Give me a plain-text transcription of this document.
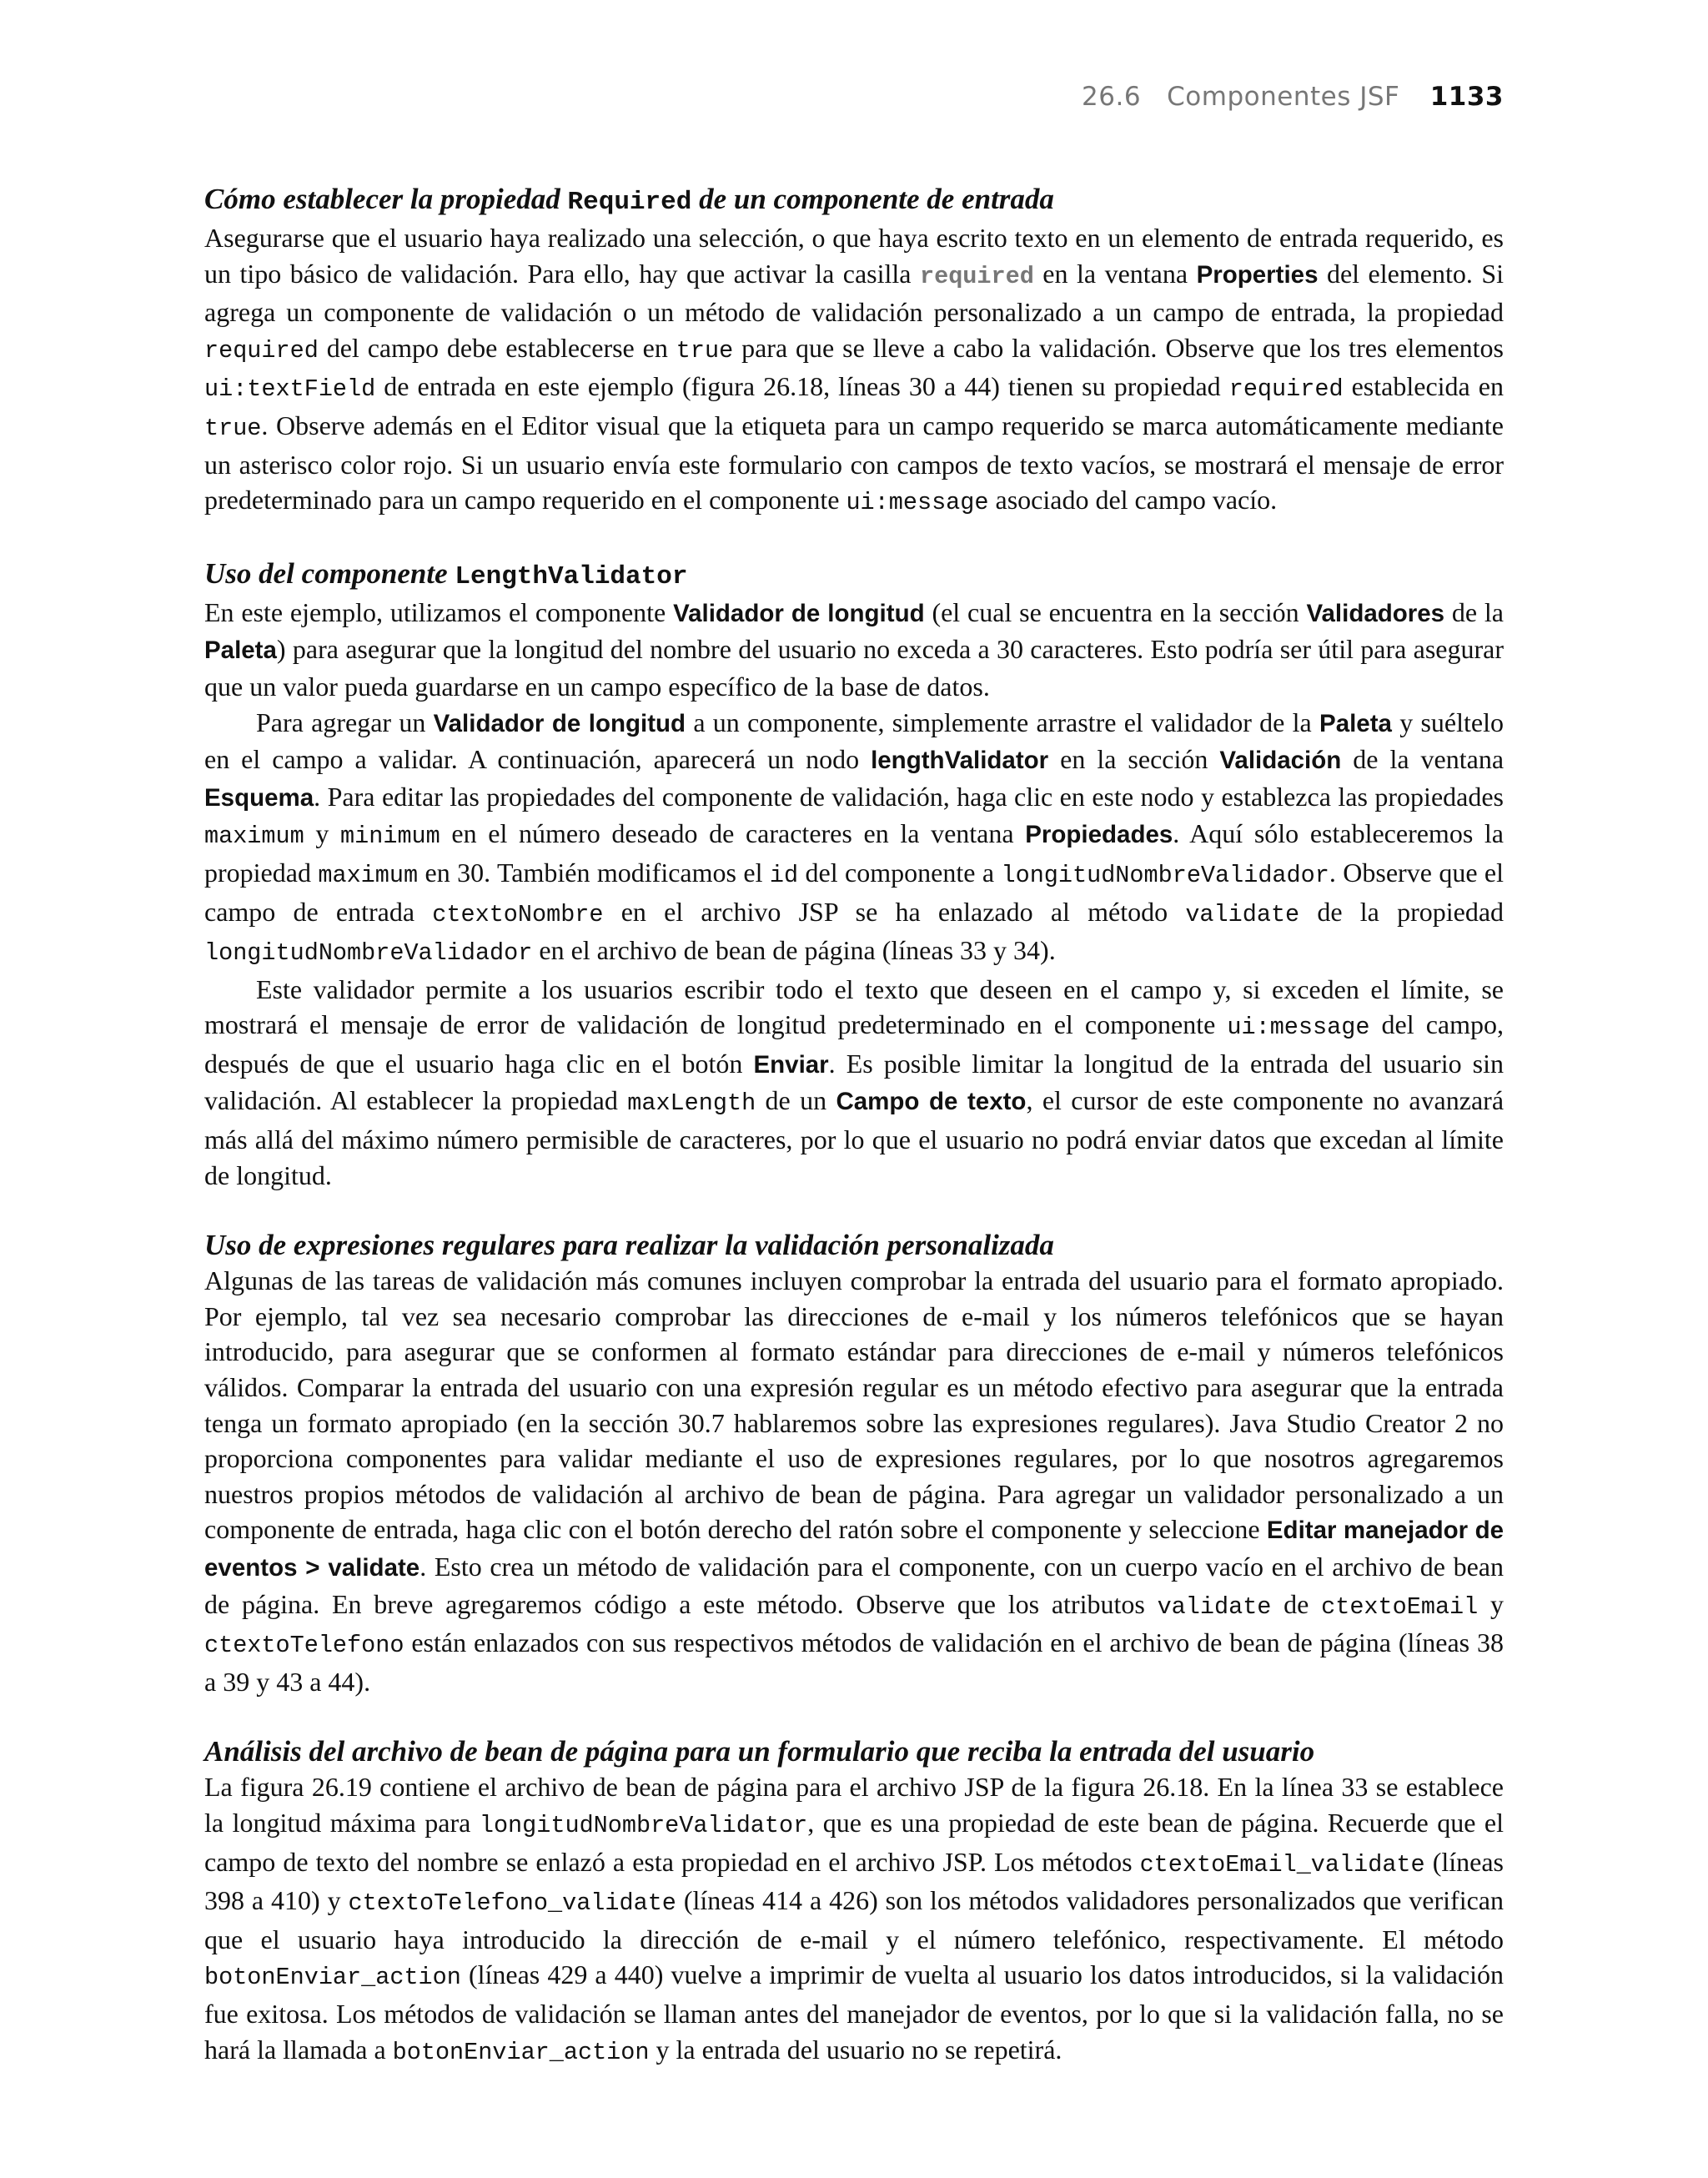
26.6 Componentes JSF 1133
Cómo establecer la propiedad Required de un componente de entrada

Asegurarse que el usuario haya realizado una selección, o que haya escrito texto en un elemento de entrada requerido, es un tipo básico de validación. Para ello, hay que activar la casilla required en la ventana Properties del elemento. Si agrega un componente de validación o un método de validación personalizado a un campo de entrada, la propiedad required del campo debe establecerse en true para que se lleve a cabo la validación. Observe que los tres elementos ui:textField de entrada en este ejemplo (figura 26.18, líneas 30 a 44) tienen su propiedad required establecida en true. Observe además en el Editor visual que la etiqueta para un campo requerido se marca automáticamente mediante un asterisco color rojo. Si un usuario envía este formulario con campos de texto vacíos, se mostrará el mensaje de error predeterminado para un campo requerido en el componente ui:message asociado del campo vacío.

Uso del componente LengthValidator

En este ejemplo, utilizamos el componente Validador de longitud (el cual se encuentra en la sección Validadores de la Paleta) para asegurar que la longitud del nombre del usuario no exceda a 30 caracteres. Esto podría ser útil para asegurar que un valor pueda guardarse en un campo específico de la base de datos.

Para agregar un Validador de longitud a un componente, simplemente arrastre el validador de la Paleta y suéltelo en el campo a validar. A continuación, aparecerá un nodo lengthValidator en la sección Validación de la ventana Esquema. Para editar las propiedades del componente de validación, haga clic en este nodo y establezca las propiedades maximum y minimum en el número deseado de caracteres en la ventana Propiedades. Aquí sólo estableceremos la propiedad maximum en 30. También modificamos el id del componente a longitudNombreValidador. Observe que el campo de entrada ctextoNombre en el archivo JSP se ha enlazado al método validate de la propiedad longitudNombreValidador en el archivo de bean de página (líneas 33 y 34).

Este validador permite a los usuarios escribir todo el texto que deseen en el campo y, si exceden el límite, se mostrará el mensaje de error de validación de longitud predeterminado en el componente ui:message del campo, después de que el usuario haga clic en el botón Enviar. Es posible limitar la longitud de la entrada del usuario sin validación. Al establecer la propiedad maxLength de un Campo de texto, el cursor de este componente no avanzará más allá del máximo número permisible de caracteres, por lo que el usuario no podrá enviar datos que excedan al límite de longitud.

Uso de expresiones regulares para realizar la validación personalizada

Algunas de las tareas de validación más comunes incluyen comprobar la entrada del usuario para el formato apropiado. Por ejemplo, tal vez sea necesario comprobar las direcciones de e-mail y los números telefónicos que se hayan introducido, para asegurar que se conformen al formato estándar para direcciones de e-mail y números telefónicos válidos. Comparar la entrada del usuario con una expresión regular es un método efectivo para asegurar que la entrada tenga un formato apropiado (en la sección 30.7 hablaremos sobre las expresiones regulares). Java Studio Creator 2 no proporciona componentes para validar mediante el uso de expresiones regulares, por lo que nosotros agregaremos nuestros propios métodos de validación al archivo de bean de página. Para agregar un validador personalizado a un componente de entrada, haga clic con el botón derecho del ratón sobre el componente y seleccione Editar manejador de eventos > validate. Esto crea un método de validación para el componente, con un cuerpo vacío en el archivo de bean de página. En breve agregaremos código a este método. Observe que los atributos validate de ctextoEmail y ctextoTelefono están enlazados con sus respectivos métodos de validación en el archivo de bean de página (líneas 38 a 39 y 43 a 44).

Análisis del archivo de bean de página para un formulario que reciba la entrada del usuario

La figura 26.19 contiene el archivo de bean de página para el archivo JSP de la figura 26.18. En la línea 33 se establece la longitud máxima para longitudNombreValidator, que es una propiedad de este bean de página. Recuerde que el campo de texto del nombre se enlazó a esta propiedad en el archivo JSP. Los métodos ctextoEmail_validate (líneas 398 a 410) y ctextoTelefono_validate (líneas 414 a 426) son los métodos validadores personalizados que verifican que el usuario haya introducido la dirección de e-mail y el número telefónico, respectivamente. El método botonEnviar_action (líneas 429 a 440) vuelve a imprimir de vuelta al usuario los datos introducidos, si la validación fue exitosa. Los métodos de validación se llaman antes del manejador de eventos, por lo que si la validación falla, no se hará la llamada a botonEnviar_action y la entrada del usuario no se repetirá.
